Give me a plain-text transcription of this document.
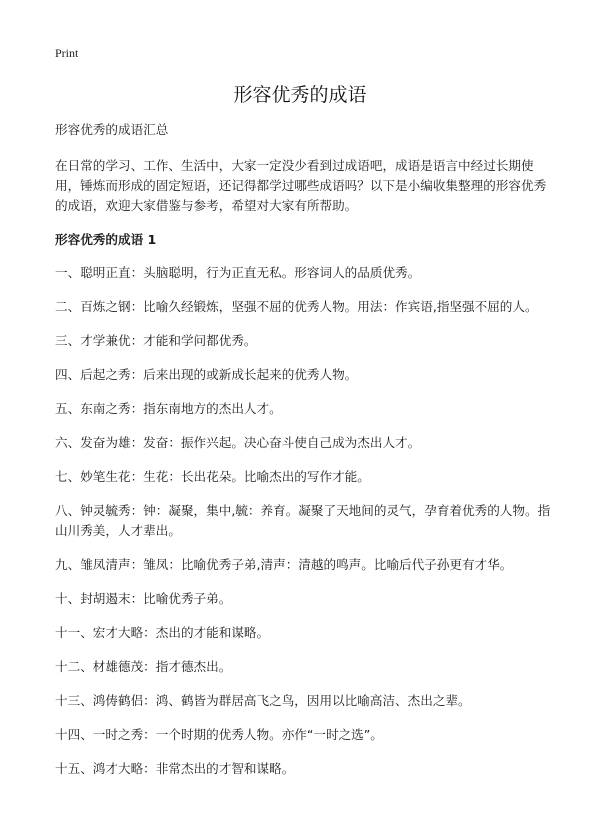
Print
形容优秀的成语

形容优秀的成语汇总

在日常的学习、工作、生活中，大家一定没少看到过成语吧，成语是语言中经过长期使用，锤炼而形成的固定短语，还记得都学过哪些成语吗？以下是小编收集整理的形容优秀的成语，欢迎大家借鉴与参考，希望对大家有所帮助。

形容优秀的成语 1

一、聪明正直：头脑聪明，行为正直无私。形容词人的品质优秀。

二、百炼之钢：比喻久经锻炼，坚强不屈的优秀人物。用法：作宾语,指坚强不屈的人。

三、才学兼优：才能和学问都优秀。

四、后起之秀：后来出现的或新成长起来的优秀人物。

五、东南之秀：指东南地方的杰出人才。

六、发奋为雄：发奋：振作兴起。决心奋斗使自己成为杰出人才。

七、妙笔生花：生花：长出花朵。比喻杰出的写作才能。

八、钟灵毓秀：钟：凝聚，集中,毓：养育。凝聚了天地间的灵气，孕育着优秀的人物。指山川秀美，人才辈出。

九、雏凤清声：雏凤：比喻优秀子弟,清声：清越的鸣声。比喻后代子孙更有才华。

十、封胡遏末：比喻优秀子弟。

十一、宏才大略：杰出的才能和谋略。

十二、材雄德茂：指才德杰出。

十三、鸿俦鹤侣：鸿、鹤皆为群居高飞之鸟，因用以比喻高洁、杰出之辈。

十四、一时之秀：一个时期的优秀人物。亦作“一时之选”。

十五、鸿才大略：非常杰出的才智和谋略。
